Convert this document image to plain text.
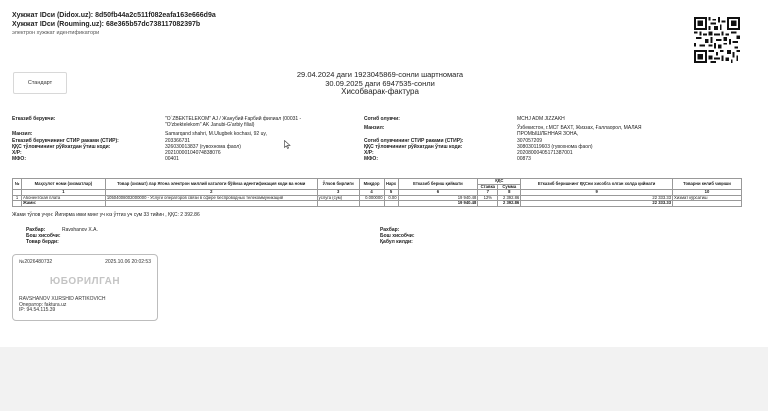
Хужжат IDси (Didox.uz): 8d50fb44a2c511f082eafa163e666d9a
Хужжат IDси (Rouming.uz): 68e365b57dc738117082397b
электрон хужжат идентификатори
Стандарт
29.04.2024 даги 1923045869-сонли шартномага
30.09.2025 даги 6947535-сонли
Хисобварак-фактура
Етказиб берувчи:	"O`ZBEKTELEKOM" AJ / Жанубий Ғарбий филиал (00031 - "O'zbektelekom" AK Janubi-G'arbiy filial)
Манзил:	Samarqand shahri, M.Ulugbek kochasi, 92 uy,
Етказиб берувчининг СТИР раками (СТИР):	203366731
ҚҚС тўловчининг рўйхатдан ўтиш коди:	326030013837 (гувохнома фаол)
Х/Р:	20210000104074838076
МФО:	00401
Сотиб олувчи:	MCHJ ADM JIZZAKH
Манзил:	Ўзбекистон, г.МСГ БАХТ, Жиззах, Ғаллаорол, МАЛАЯ
ПРОМЫШЛЕННАЯ ЗОНА,
Сотиб олувчининг СТИР раками (СТИР):	307057209
ҚҚС тўловчининг рўйхатдан ўтиш коди:	308030119603 (гувохнома фаол)
Х/Р:	20208000405171387001
МФО:	00873
№	Маҳсулот номи (хизматлар)	Товар (хизмат) лар Ягона электрон миллий каталоги бўйича идентификация коди ва номи	Ўлчов бирлиги	Миқдор	Нарх	Етказиб бериш қиймати	ҚҚС		Етказиб беришнинг ҚҚСни хисобга олган холда қиймати	Товарни келиб чиқиши
							Ставка	Сумма		
	1	2	3	4	5	6	7	8	9	10
1	Абонентская плата	10504008002000000 - Услуги операторов связи в сфере беспроводных телекоммуникаций	услуга (сум)	0.000000	0.00	19 940.48	12%	2 392.86	22 333.33	Хизмат кўрсатиш
	Жами:					19 940.48		2 392.86	22 333.33	
Жами тўлов учун: Йигирма икки минг уч юз ўттиз уч сум 33 тийин , ҚҚС: 2 392.86
Рахбар:	Ravshanov X.A.
Бош хисобчи:
Товар берди:
Рахбар:
Бош хисобчи:
Қабул килди:
№2026480732	2025.10.06 20:02:53
ЮБОРИЛГАН
RAVSHANOV XURSHID ARTIKOVICH
Оператор: faktura.uz
IP: 94.54.115.39
